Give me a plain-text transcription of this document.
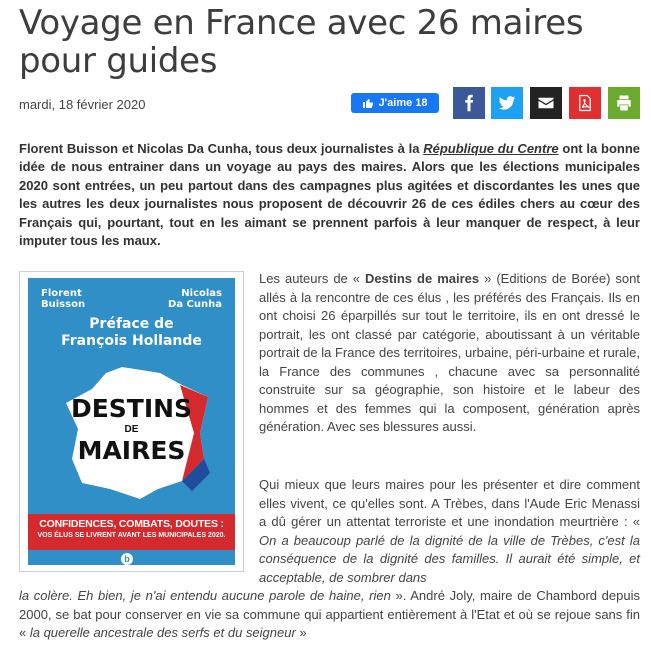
Voyage en France avec 26 maires pour guides
mardi, 18 février 2020	J'aime 18

Florent Buisson et Nicolas Da Cunha, tous deux journalistes à la République du Centre ont la bonne idée de nous entrainer dans un voyage au pays des maires. Alors que les élections municipales 2020 sont entrées, un peu partout dans des campagnes plus agitées et discordantes les unes que les autres les deux journalistes nous proposent de découvrir 26 de ces édiles chers au cœur des Français qui, pourtant, tout en les aimant se prennent parfois à leur manquer de respect, à leur imputer tous les maux.

Florent
Buisson
Nicolas
Da Cunha
Préface de
François Hollande
DESTINS
DE
MAIRES
CONFIDENCES, COMBATS, DOUTES :
VOS ÉLUS SE LIVRENT AVANT LES MUNICIPALES 2020.
b

Les auteurs de « Destins de maires » (Editions de Borée) sont allés à la rencontre de ces élus , les préférés des Français. Ils en ont choisi 26 éparpillés sur tout le territoire, ils en ont dressé le portrait, les ont classé par catégorie, aboutissant à un véritable portrait de la France des territoires, urbaine, péri-urbaine et rurale, la France des communes , chacune avec sa personnalité construite sur sa géographie, son histoire et le labeur des hommes et des femmes qui la composent, génération après génération. Avec ses blessures aussi.

Qui mieux que leurs maires pour les présenter et dire comment elles vivent, ce qu'elles sont. A Trèbes, dans l'Aude Eric Menassi a dû gérer un attentat terroriste et une inondation meurtrière : « On a beaucoup parlé de la dignité de la ville de Trèbes, c'est la conséquence de la dignité des familles. Il aurait été simple, et acceptable, de sombrer dans

la colère. Eh bien, je n'ai entendu aucune parole de haine, rien ». André Joly, maire de Chambord depuis 2000, se bat pour conserver en vie sa commune qui appartient entièrement à l'Etat et où se rejoue sans fin « la querelle ancestrale des serfs et du seigneur »
